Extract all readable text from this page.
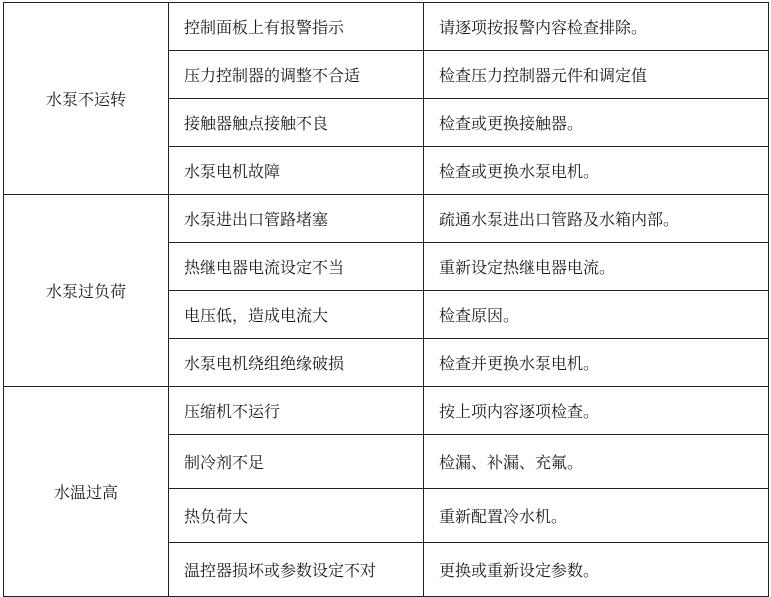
水泵不运转	控制面板上有报警指示	请逐项按报警内容检查排除。
	压力控制器的调整不合适	检查压力控制器元件和调定值
	接触器触点接触不良	检查或更换接触器。
	水泵电机故障	检查或更换水泵电机。
水泵过负荷	水泵进出口管路堵塞	疏通水泵进出口管路及水箱内部。
	热继电器电流设定不当	重新设定热继电器电流。
	电压低，造成电流大	检查原因。
	水泵电机绕组绝缘破损	检查并更换水泵电机。
水温过高	压缩机不运行	按上项内容逐项检查。
	制冷剂不足	检漏、补漏、充氟。
	热负荷大	重新配置冷水机。
	温控器损坏或参数设定不对	更换或重新设定参数。
